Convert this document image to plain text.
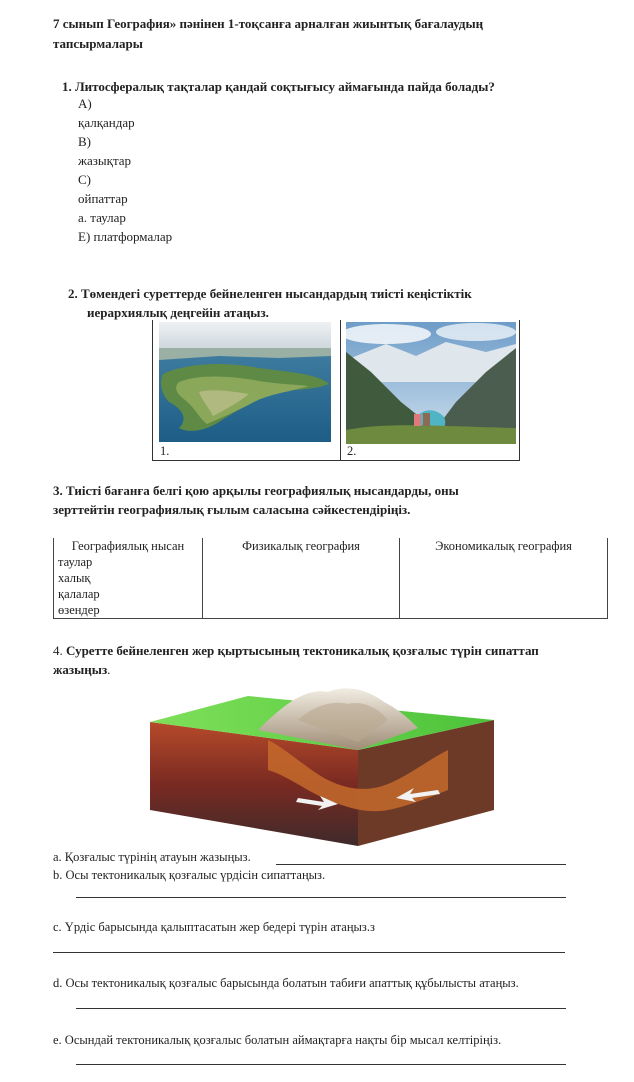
7 сынып География» пәнінен 1-тоқсанға арналған жиынтық бағалаудың
тапсырмалары
1. Литосфералық тақталар қандай соқтығысу аймағында пайда болады?
А)
қалқандар
В)
жазықтар
С)
ойпаттар
a. таулар
Е) платформалар
2. Төмендегі суреттерде бейнеленген нысандардың тиісті кеңістіктік
иерархиялық деңгейін атаңыз.
1.	2.
3. Тиісті бағанға белгі қою арқылы географиялық нысандарды, оны
зерттейтін географиялық ғылым саласына сәйкестендіріңіз.
Географиялық нысан	Физикалық география	Экономикалық география
таулар		
халық		
қалалар		
өзендер		
4. Суретте бейнеленген жер қыртысының тектоникалық қозғалыс түрін сипаттап
жазыңыз.
a. Қозғалыс түрінің атауын жазыңыз.
b. Осы тектоникалық қозғалыс үрдісін сипаттаңыз.
c. Үрдіс барысында қалыптасатын жер бедері түрін атаңыз.з
d. Осы тектоникалық қозғалыс барысында болатын табиғи апаттық құбылысты атаңыз.
e. Осындай тектоникалық қозғалыс болатын аймақтарға нақты бір мысал келтіріңіз.
